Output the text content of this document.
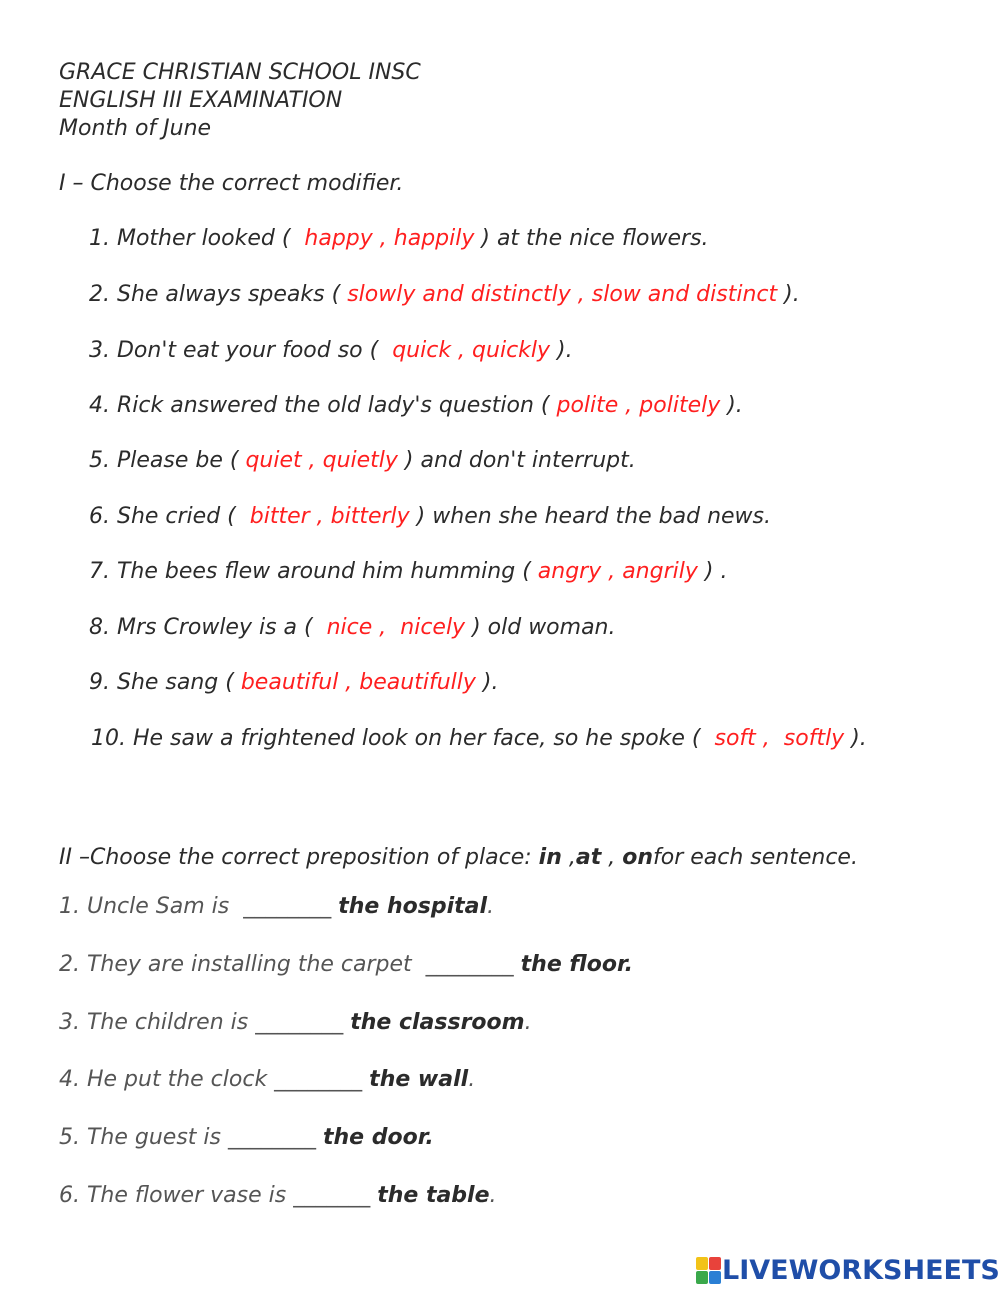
GRACE CHRISTIAN SCHOOL INSC
ENGLISH III EXAMINATION
Month of June
I – Choose the correct modifier.
1. Mother looked (  happy , happily ) at the nice flowers.
2. She always speaks ( slowly and distinctly , slow and distinct ).
3. Don't eat your food so (  quick , quickly ).
4. Rick answered the old lady's question ( polite , politely ).
5. Please be ( quiet , quietly ) and don't interrupt.
6. She cried (  bitter , bitterly ) when she heard the bad news.
7. The bees flew around him humming ( angry , angrily ) .
8. Mrs Crowley is a (  nice ,  nicely ) old woman.
9. She sang ( beautiful , beautifully ).
10. He saw a frightened look on her face, so he spoke (  soft ,  softly ).
II –Choose the correct preposition of place: in ,at , onfor each sentence.
1. Uncle Sam is  ________ the hospital.
2. They are installing the carpet  ________ the floor.
3. The children is ________ the classroom.
4. He put the clock ________ the wall.
5. The guest is ________ the door.
6. The flower vase is _______ the table.
LIVEWORKSHEETS
